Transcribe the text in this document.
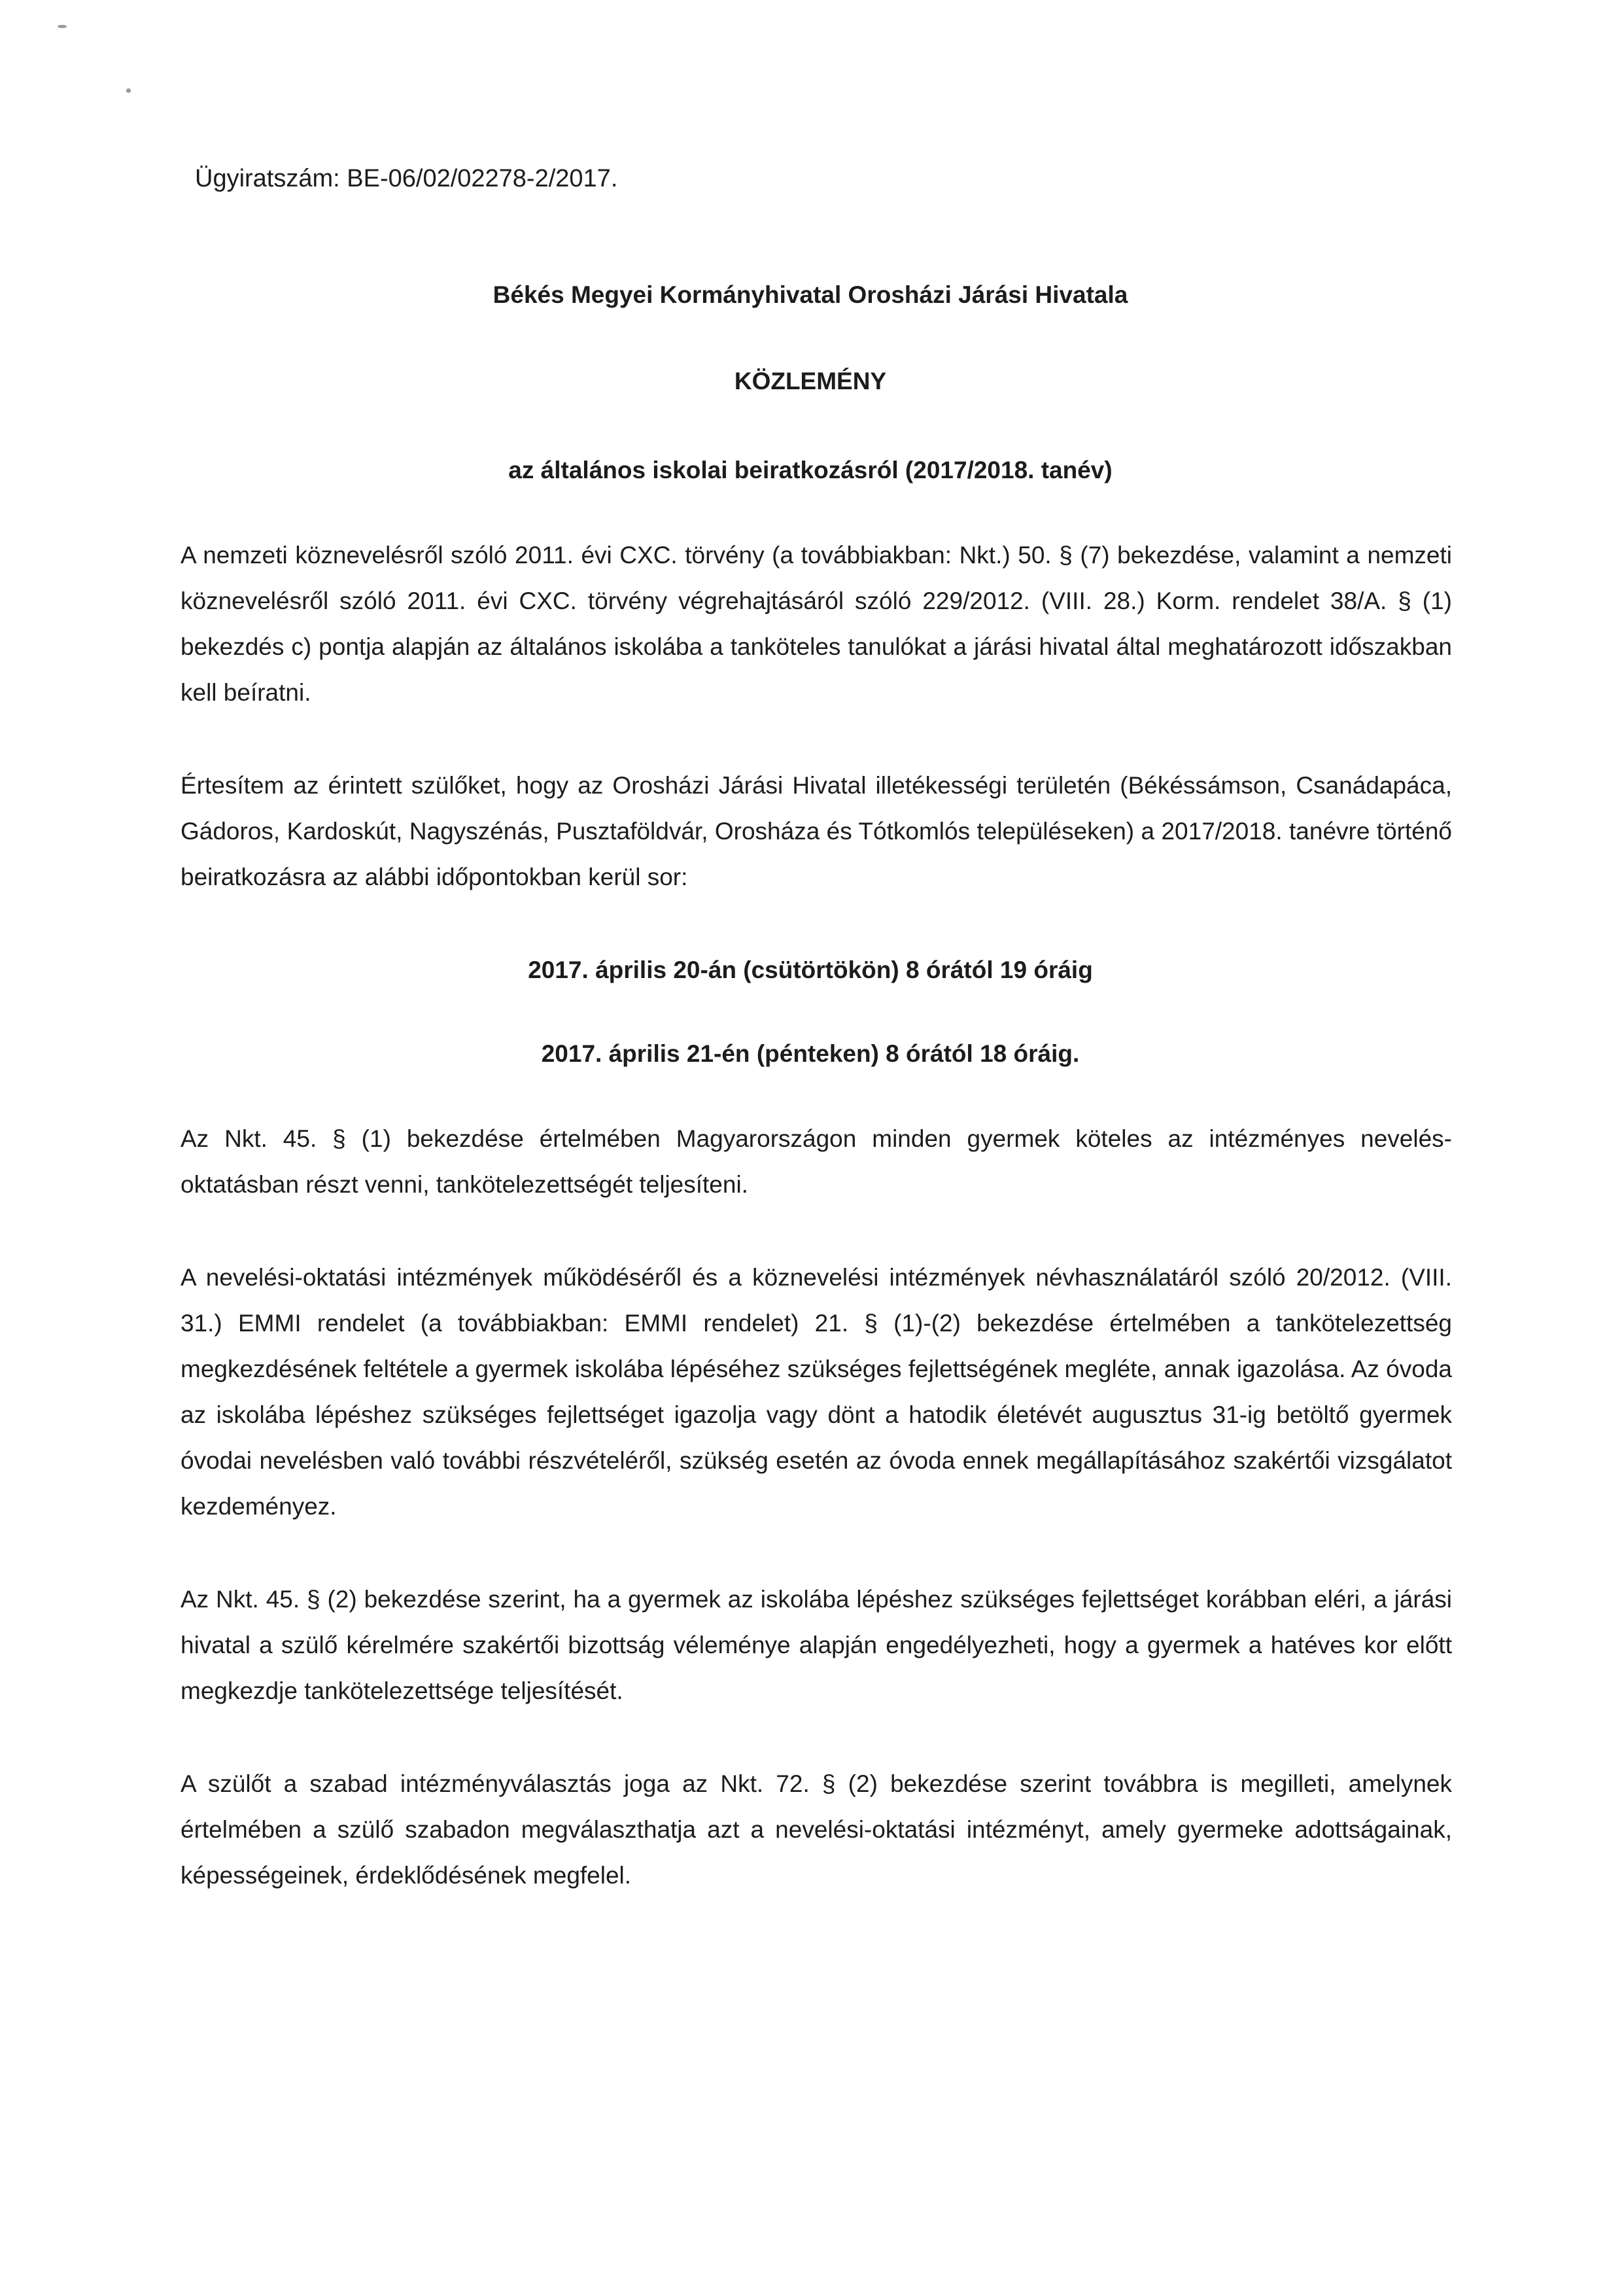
Ügyiratszám: BE-06/02/02278-2/2017.

Békés Megyei Kormányhivatal Orosházi Járási Hivatala

KÖZLEMÉNY

az általános iskolai beiratkozásról (2017/2018. tanév)

A nemzeti köznevelésről szóló 2011. évi CXC. törvény (a továbbiakban: Nkt.) 50. § (7) bekezdése, valamint a nemzeti köznevelésről szóló 2011. évi CXC. törvény végrehajtásáról szóló 229/2012. (VIII. 28.) Korm. rendelet 38/A. § (1) bekezdés c) pontja alapján az általános iskolába a tanköteles tanulókat a járási hivatal által meghatározott időszakban kell beíratni.

Értesítem az érintett szülőket, hogy az Orosházi Járási Hivatal illetékességi területén (Békéssámson, Csanádapáca, Gádoros, Kardoskút, Nagyszénás, Pusztaföldvár, Orosháza és Tótkomlós településeken) a 2017/2018. tanévre történő beiratkozásra az alábbi időpontokban kerül sor:

2017. április 20-án (csütörtökön) 8 órától 19 óráig

2017. április 21-én (pénteken) 8 órától 18 óráig.

Az Nkt. 45. § (1) bekezdése értelmében Magyarországon minden gyermek köteles az intézményes nevelés-oktatásban részt venni, tankötelezettségét teljesíteni.

A nevelési-oktatási intézmények működéséről és a köznevelési intézmények névhasználatáról szóló 20/2012. (VIII. 31.) EMMI rendelet (a továbbiakban: EMMI rendelet) 21. § (1)-(2) bekezdése értelmében a tankötelezettség megkezdésének feltétele a gyermek iskolába lépéséhez szükséges fejlettségének megléte, annak igazolása. Az óvoda az iskolába lépéshez szükséges fejlettséget igazolja vagy dönt a hatodik életévét augusztus 31-ig betöltő gyermek óvodai nevelésben való további részvételéről, szükség esetén az óvoda ennek megállapításához szakértői vizsgálatot kezdeményez.

Az Nkt. 45. § (2) bekezdése szerint, ha a gyermek az iskolába lépéshez szükséges fejlettséget korábban eléri, a járási hivatal a szülő kérelmére szakértői bizottság véleménye alapján engedélyezheti, hogy a gyermek a hatéves kor előtt megkezdje tankötelezettsége teljesítését.

A szülőt a szabad intézményválasztás joga az Nkt. 72. § (2) bekezdése szerint továbbra is megilleti, amelynek értelmében a szülő szabadon megválaszthatja azt a nevelési-oktatási intézményt, amely gyermeke adottságainak, képességeinek, érdeklődésének megfelel.
